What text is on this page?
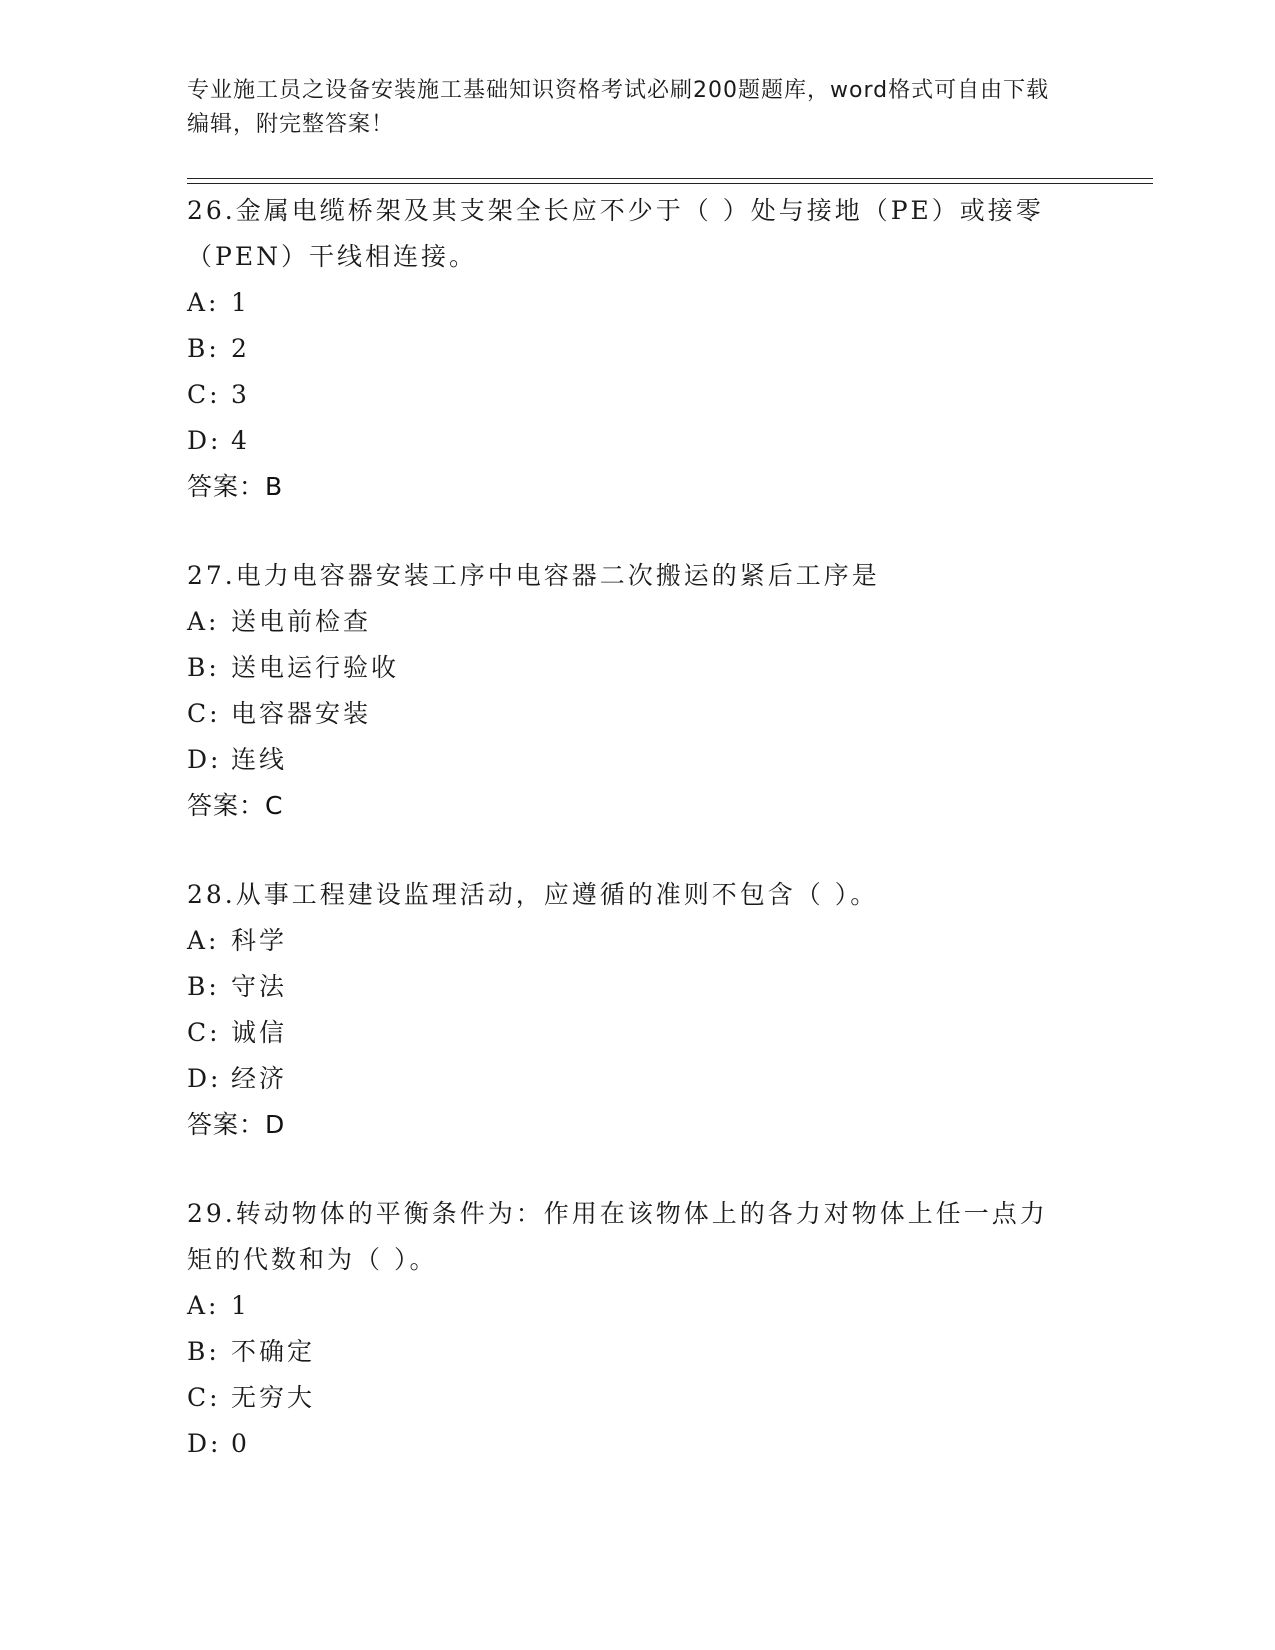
专业施工员之设备安装施工基础知识资格考试必刷200题题库，word格式可自由下载编辑，附完整答案！

26.金属电缆桥架及其支架全长应不少于（ ）处与接地（PE）或接零（PEN）干线相连接。

A: 1

B: 2

C: 3

D: 4

答案：B

27.电力电容器安装工序中电容器二次搬运的紧后工序是

A: 送电前检查

B: 送电运行验收

C: 电容器安装

D: 连线

答案：C

28.从事工程建设监理活动，应遵循的准则不包含（ ）。

A: 科学

B: 守法

C: 诚信

D: 经济

答案：D

29.转动物体的平衡条件为：作用在该物体上的各力对物体上任一点力矩的代数和为（ ）。

A: 1

B: 不确定

C: 无穷大

D: 0
